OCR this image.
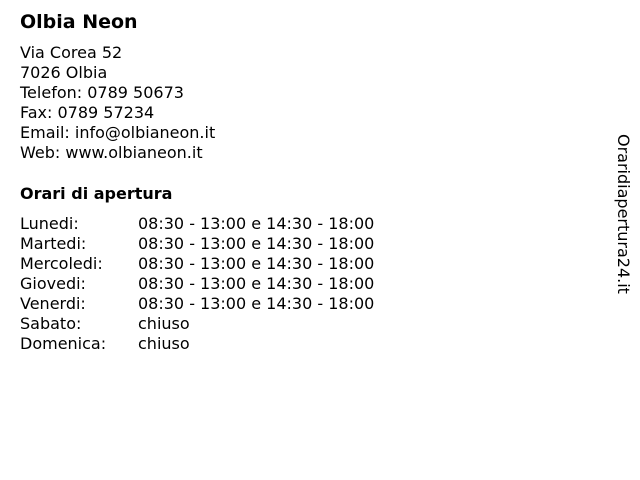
Olbia Neon
Via Corea 52
7026 Olbia
Telefon: 0789 50673
Fax: 0789 57234
Email: info@olbianeon.it
Web: www.olbianeon.it
Orari di apertura
Lunedi:	08:30 - 13:00 e 14:30 - 18:00
Martedi:	08:30 - 13:00 e 14:30 - 18:00
Mercoledi:	08:30 - 13:00 e 14:30 - 18:00
Giovedi:	08:30 - 13:00 e 14:30 - 18:00
Venerdi:	08:30 - 13:00 e 14:30 - 18:00
Sabato:	chiuso
Domenica:	chiuso
Oraridiapertura24.it
